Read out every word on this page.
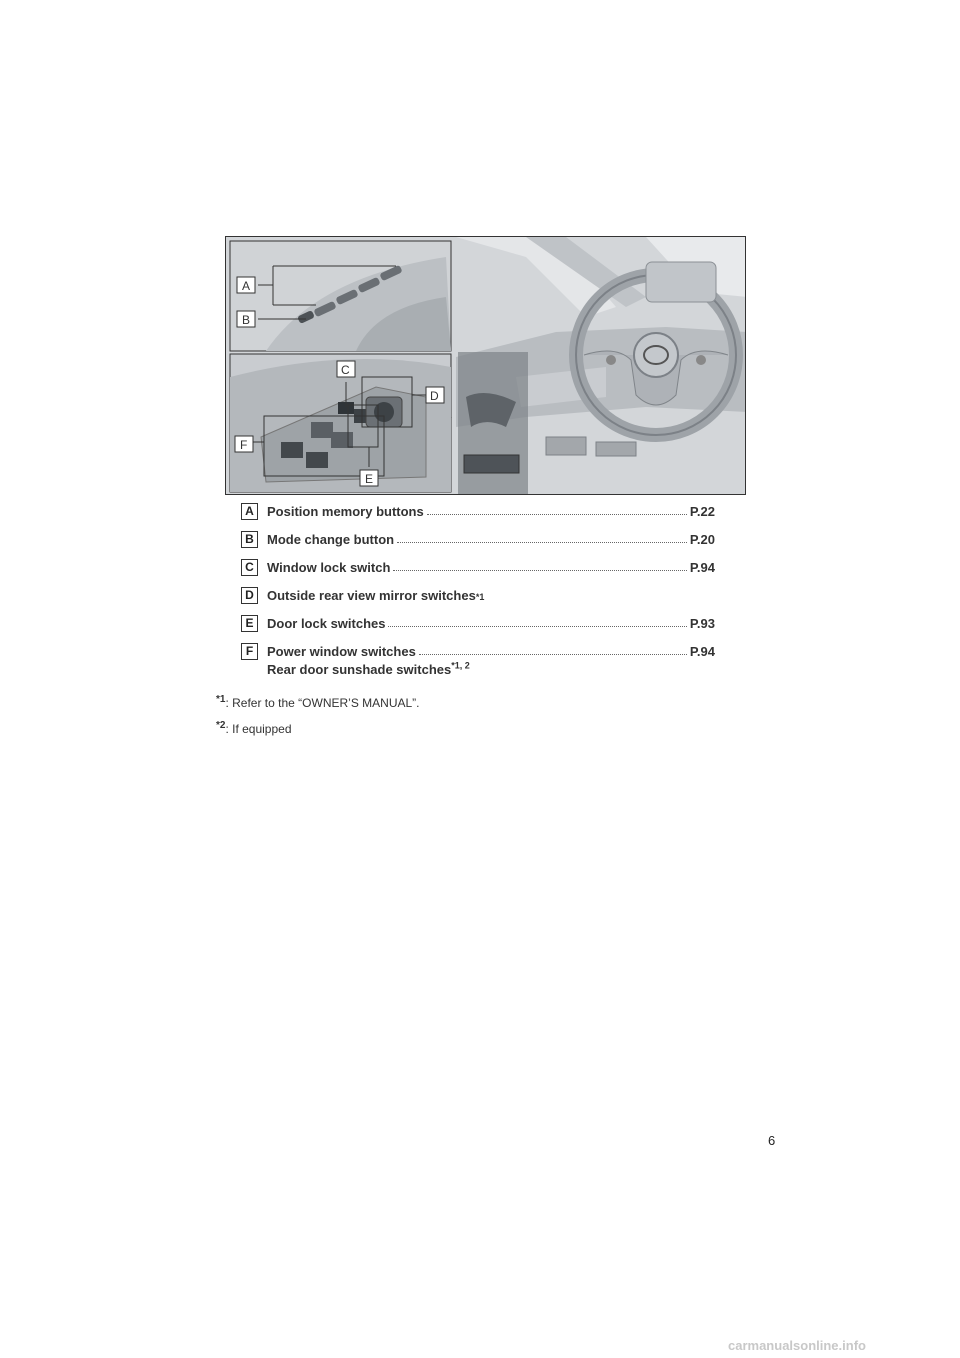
A
B
C
D
E
F
A	Position memory buttons	P.22
B	Mode change button	P.20
C	Window lock switch	P.94
D	Outside rear view mirror switches *1
E	Door lock switches	P.93
F	Power window switches	P.94
Rear door sunshade switches$^{*1, 2}$
$^{*1}$: Refer to the “OWNER’S MANUAL”.
$^{*2}$: If equipped
6
carmanualsonline.info
